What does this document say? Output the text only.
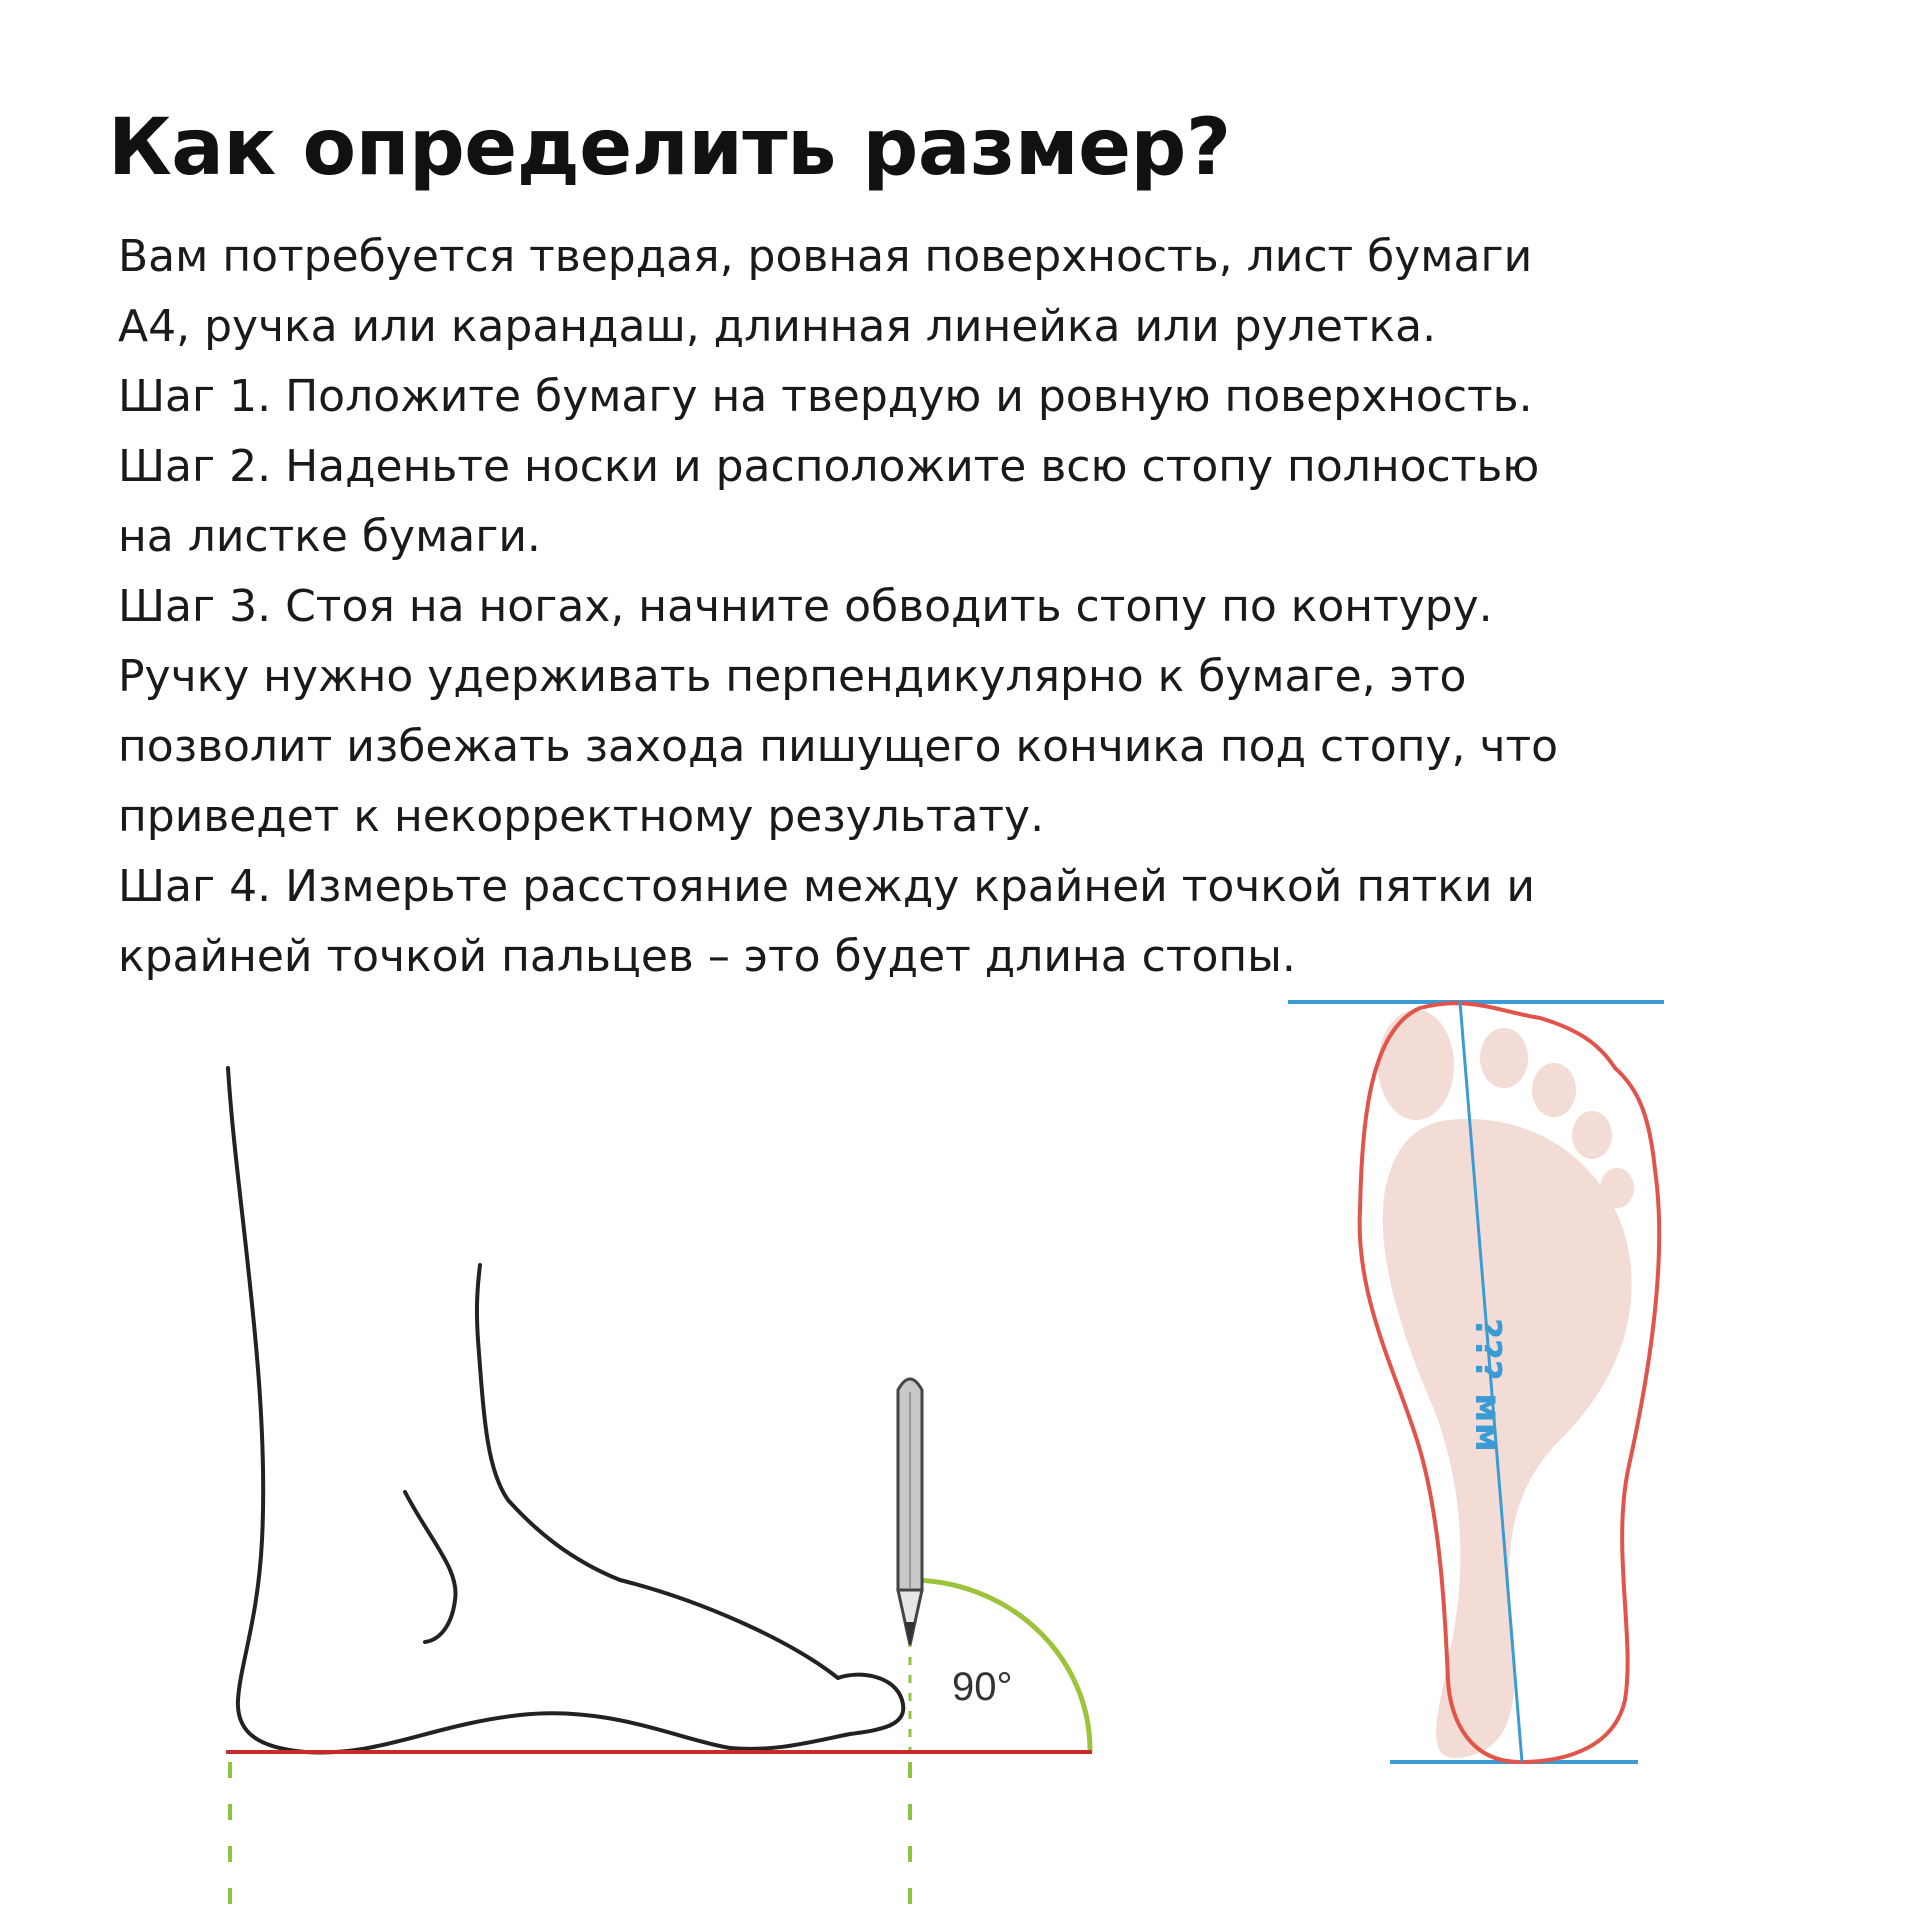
Как определить размер?
Вам потребуется твердая, ровная поверхность, лист бумаги
А4, ручка или карандаш, длинная линейка или рулетка.
Шаг 1. Положите бумагу на твердую и ровную поверхность.
Шаг 2. Наденьте носки и расположите всю стопу полностью
на листке бумаги.
Шаг 3. Стоя на ногах, начните обводить стопу по контуру.
Ручку нужно удерживать перпендикулярно к бумаге, это
позволит избежать захода пишущего кончика под стопу, что
приведет к некорректному результату.
Шаг 4. Измерьте расстояние между крайней точкой пятки и
крайней точкой пальцев – это будет длина стопы.
90°
??? мм
